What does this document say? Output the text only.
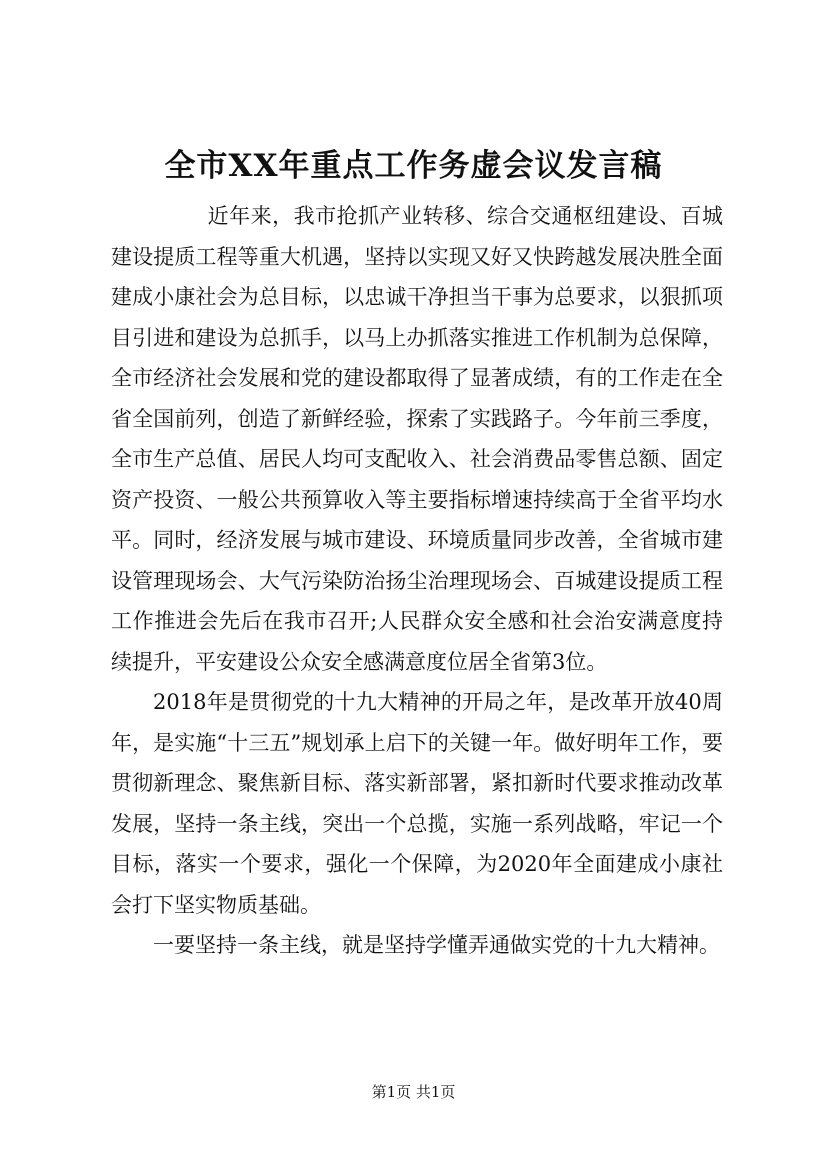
全市XX年重点工作务虚会议发言稿

近年来，我市抢抓产业转移、综合交通枢纽建设、百城建设提质工程等重大机遇，坚持以实现又好又快跨越发展决胜全面建成小康社会为总目标，以忠诚干净担当干事为总要求，以狠抓项目引进和建设为总抓手，以马上办抓落实推进工作机制为总保障，全市经济社会发展和党的建设都取得了显著成绩，有的工作走在全省全国前列，创造了新鲜经验，探索了实践路子。今年前三季度，全市生产总值、居民人均可支配收入、社会消费品零售总额、固定资产投资、一般公共预算收入等主要指标增速持续高于全省平均水平。同时，经济发展与城市建设、环境质量同步改善，全省城市建设管理现场会、大气污染防治扬尘治理现场会、百城建设提质工程工作推进会先后在我市召开;人民群众安全感和社会治安满意度持续提升，平安建设公众安全感满意度位居全省第3位。

2018年是贯彻党的十九大精神的开局之年，是改革开放40周年，是实施“十三五”规划承上启下的关键一年。做好明年工作，要贯彻新理念、聚焦新目标、落实新部署，紧扣新时代要求推动改革发展，坚持一条主线，突出一个总揽，实施一系列战略，牢记一个目标，落实一个要求，强化一个保障，为2020年全面建成小康社会打下坚实物质基础。

一要坚持一条主线，就是坚持学懂弄通做实党的十九大精神。

第1页 共1页
